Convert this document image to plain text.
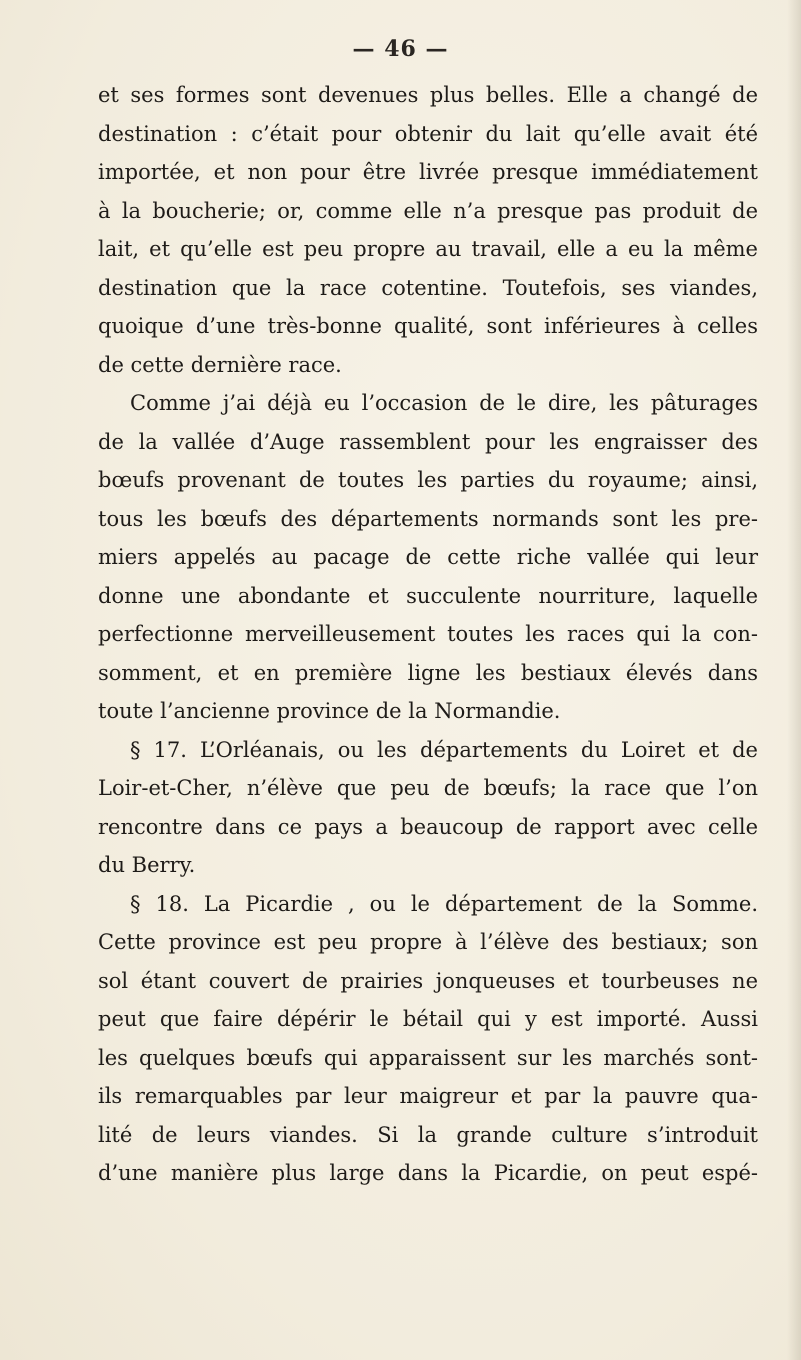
— 46 —
et ses formes sont devenues plus belles. Elle a changé de
destination : c’était pour obtenir du lait qu’elle avait été
importée, et non pour être livrée presque immédiatement
à la boucherie; or, comme elle n’a presque pas produit de
lait, et qu’elle est peu propre au travail, elle a eu la même
destination que la race cotentine. Toutefois, ses viandes,
quoique d’une très-bonne qualité, sont inférieures à celles
de cette dernière race.
Comme j’ai déjà eu l’occasion de le dire, les pâturages
de la vallée d’Auge rassemblent pour les engraisser des
bœufs provenant de toutes les parties du royaume; ainsi,
tous les bœufs des départements normands sont les pre-
miers appelés au pacage de cette riche vallée qui leur
donne une abondante et succulente nourriture, laquelle
perfectionne merveilleusement toutes les races qui la con-
somment, et en première ligne les bestiaux élevés dans
toute l’ancienne province de la Normandie.
§ 17. L’Orléanais, ou les départements du Loiret et de
Loir-et-Cher, n’élève que peu de bœufs; la race que l’on
rencontre dans ce pays a beaucoup de rapport avec celle
du Berry.
§ 18. La Picardie , ou le département de la Somme.
Cette province est peu propre à l’élève des bestiaux; son
sol étant couvert de prairies jonqueuses et tourbeuses ne
peut que faire dépérir le bétail qui y est importé. Aussi
les quelques bœufs qui apparaissent sur les marchés sont-
ils remarquables par leur maigreur et par la pauvre qua-
lité de leurs viandes. Si la grande culture s’introduit
d’une manière plus large dans la Picardie, on peut espé-
